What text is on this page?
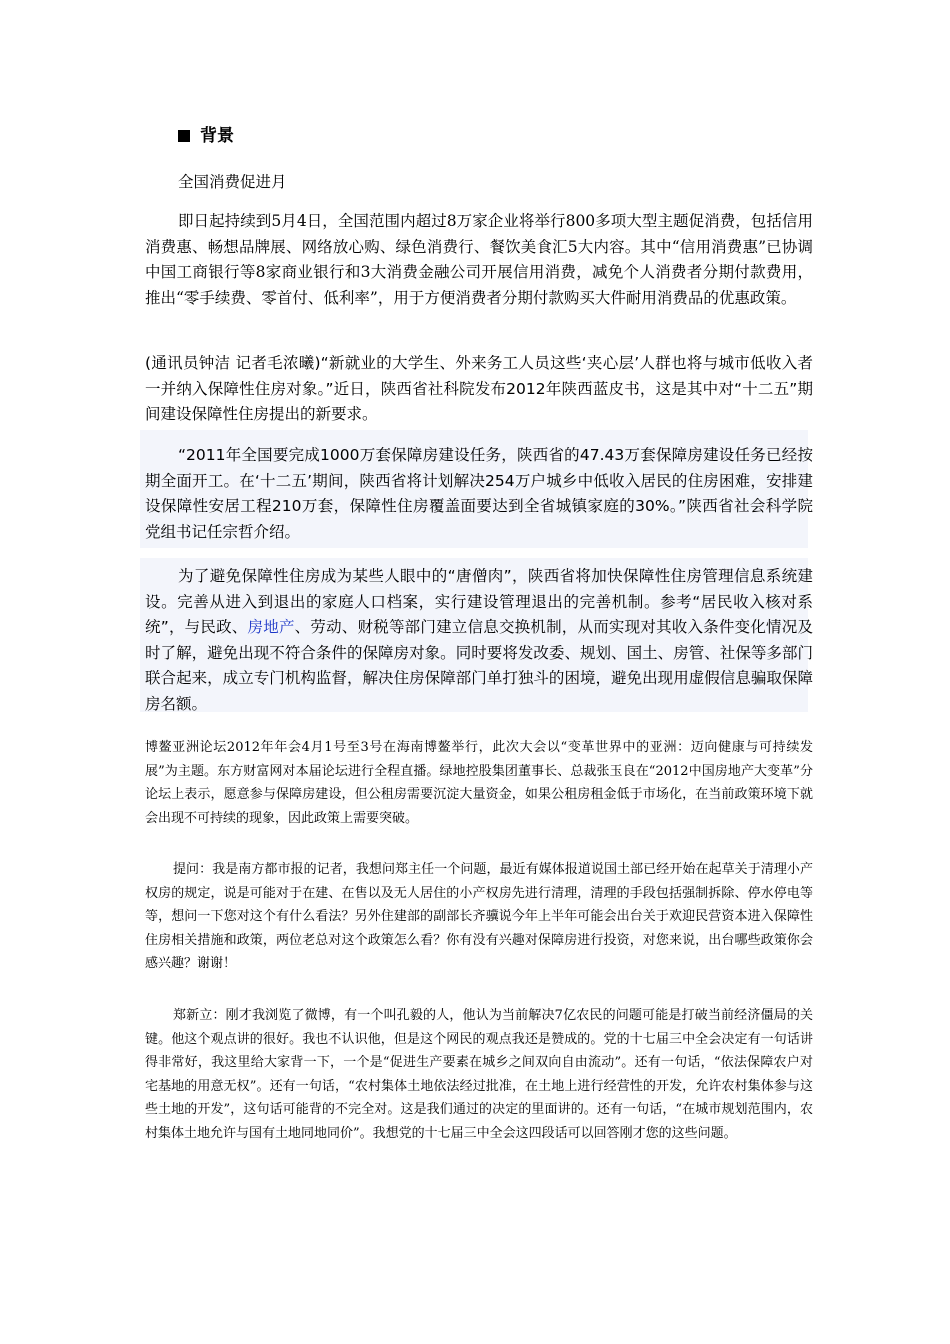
背景
全国消费促进月

即日起持续到5月4日，全国范围内超过8万家企业将举行800多项大型主题促消费，包括信用消费惠、畅想品牌展、网络放心购、绿色消费行、餐饮美食汇5大内容。其中“信用消费惠”已协调中国工商银行等8家商业银行和3大消费金融公司开展信用消费，减免个人消费者分期付款费用，推出“零手续费、零首付、低利率”，用于方便消费者分期付款购买大件耐用消费品的优惠政策。

(通讯员钟洁 记者毛浓曦)“新就业的大学生、外来务工人员这些‘夹心层’人群也将与城市低收入者一并纳入保障性住房对象。”近日，陕西省社科院发布2012年陕西蓝皮书，这是其中对“十二五”期间建设保障性住房提出的新要求。

“2011年全国要完成1000万套保障房建设任务，陕西省的47.43万套保障房建设任务已经按期全面开工。在‘十二五’期间，陕西省将计划解决254万户城乡中低收入居民的住房困难，安排建设保障性安居工程210万套，保障性住房覆盖面要达到全省城镇家庭的30%。”陕西省社会科学院党组书记任宗哲介绍。

为了避免保障性住房成为某些人眼中的“唐僧肉”，陕西省将加快保障性住房管理信息系统建设。完善从进入到退出的家庭人口档案，实行建设管理退出的完善机制。参考“居民收入核对系统”，与民政、房地产、劳动、财税等部门建立信息交换机制，从而实现对其收入条件变化情况及时了解，避免出现不符合条件的保障房对象。同时要将发改委、规划、国土、房管、社保等多部门联合起来，成立专门机构监督，解决住房保障部门单打独斗的困境，避免出现用虚假信息骗取保障房名额。

博鳌亚洲论坛2012年年会4月1号至3号在海南博鳌举行，此次大会以“变革世界中的亚洲：迈向健康与可持续发展”为主题。东方财富网对本届论坛进行全程直播。绿地控股集团董事长、总裁张玉良在“2012中国房地产大变革”分论坛上表示，愿意参与保障房建设，但公租房需要沉淀大量资金，如果公租房租金低于市场化，在当前政策环境下就会出现不可持续的现象，因此政策上需要突破。

提问：我是南方都市报的记者，我想问郑主任一个问题，最近有媒体报道说国土部已经开始在起草关于清理小产权房的规定，说是可能对于在建、在售以及无人居住的小产权房先进行清理，清理的手段包括强制拆除、停水停电等等，想问一下您对这个有什么看法？另外住建部的副部长齐骥说今年上半年可能会出台关于欢迎民营资本进入保障性住房相关措施和政策，两位老总对这个政策怎么看？你有没有兴趣对保障房进行投资，对您来说，出台哪些政策你会感兴趣？谢谢！

郑新立：刚才我浏览了微博，有一个叫孔毅的人，他认为当前解决7亿农民的问题可能是打破当前经济僵局的关键。他这个观点讲的很好。我也不认识他，但是这个网民的观点我还是赞成的。党的十七届三中全会决定有一句话讲得非常好，我这里给大家背一下，一个是“促进生产要素在城乡之间双向自由流动”。还有一句话，“依法保障农户对宅基地的用意无权”。还有一句话，“农村集体土地依法经过批准，在土地上进行经营性的开发，允许农村集体参与这些土地的开发”，这句话可能背的不完全对。这是我们通过的决定的里面讲的。还有一句话，“在城市规划范围内，农村集体土地允许与国有土地同地同价”。我想党的十七届三中全会这四段话可以回答刚才您的这些问题。
